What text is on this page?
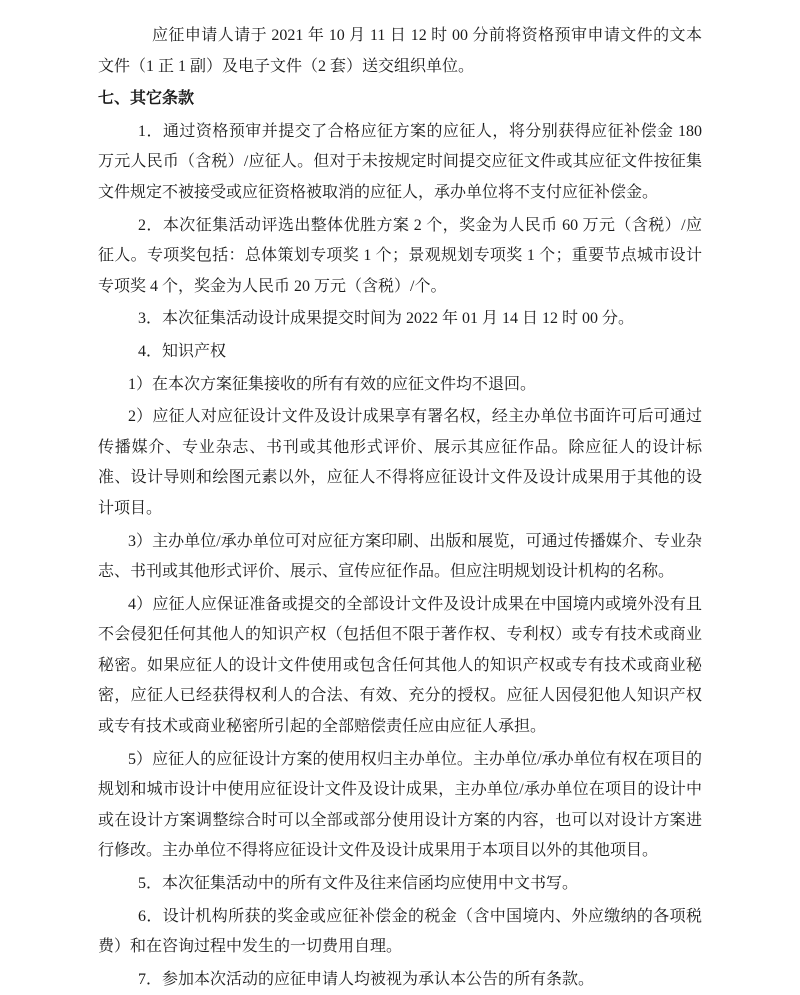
应征申请人请于 2021 年 10 月 11 日 12 时 00 分前将资格预审申请文件的文本文件（1 正 1 副）及电子文件（2 套）送交组织单位。

七、其它条款

1．通过资格预审并提交了合格应征方案的应征人，将分别获得应征补偿金 180 万元人民币（含税）/应征人。但对于未按规定时间提交应征文件或其应征文件按征集文件规定不被接受或应征资格被取消的应征人，承办单位将不支付应征补偿金。

2．本次征集活动评选出整体优胜方案 2 个，奖金为人民币 60 万元（含税）/应征人。专项奖包括：总体策划专项奖 1 个；景观规划专项奖 1 个；重要节点城市设计专项奖 4 个，奖金为人民币 20 万元（含税）/个。

3．本次征集活动设计成果提交时间为 2022 年 01 月 14 日 12 时 00 分。

4．知识产权

1）在本次方案征集接收的所有有效的应征文件均不退回。

2）应征人对应征设计文件及设计成果享有署名权，经主办单位书面许可后可通过传播媒介、专业杂志、书刊或其他形式评价、展示其应征作品。除应征人的设计标准、设计导则和绘图元素以外，应征人不得将应征设计文件及设计成果用于其他的设计项目。

3）主办单位/承办单位可对应征方案印刷、出版和展览，可通过传播媒介、专业杂志、书刊或其他形式评价、展示、宣传应征作品。但应注明规划设计机构的名称。

4）应征人应保证准备或提交的全部设计文件及设计成果在中国境内或境外没有且不会侵犯任何其他人的知识产权（包括但不限于著作权、专利权）或专有技术或商业秘密。如果应征人的设计文件使用或包含任何其他人的知识产权或专有技术或商业秘密，应征人已经获得权利人的合法、有效、充分的授权。应征人因侵犯他人知识产权或专有技术或商业秘密所引起的全部赔偿责任应由应征人承担。

5）应征人的应征设计方案的使用权归主办单位。主办单位/承办单位有权在项目的规划和城市设计中使用应征设计文件及设计成果，主办单位/承办单位在项目的设计中或在设计方案调整综合时可以全部或部分使用设计方案的内容，也可以对设计方案进行修改。主办单位不得将应征设计文件及设计成果用于本项目以外的其他项目。

5．本次征集活动中的所有文件及往来信函均应使用中文书写。

6．设计机构所获的奖金或应征补偿金的税金（含中国境内、外应缴纳的各项税费）和在咨询过程中发生的一切费用自理。

7．参加本次活动的应征申请人均被视为承认本公告的所有条款。
